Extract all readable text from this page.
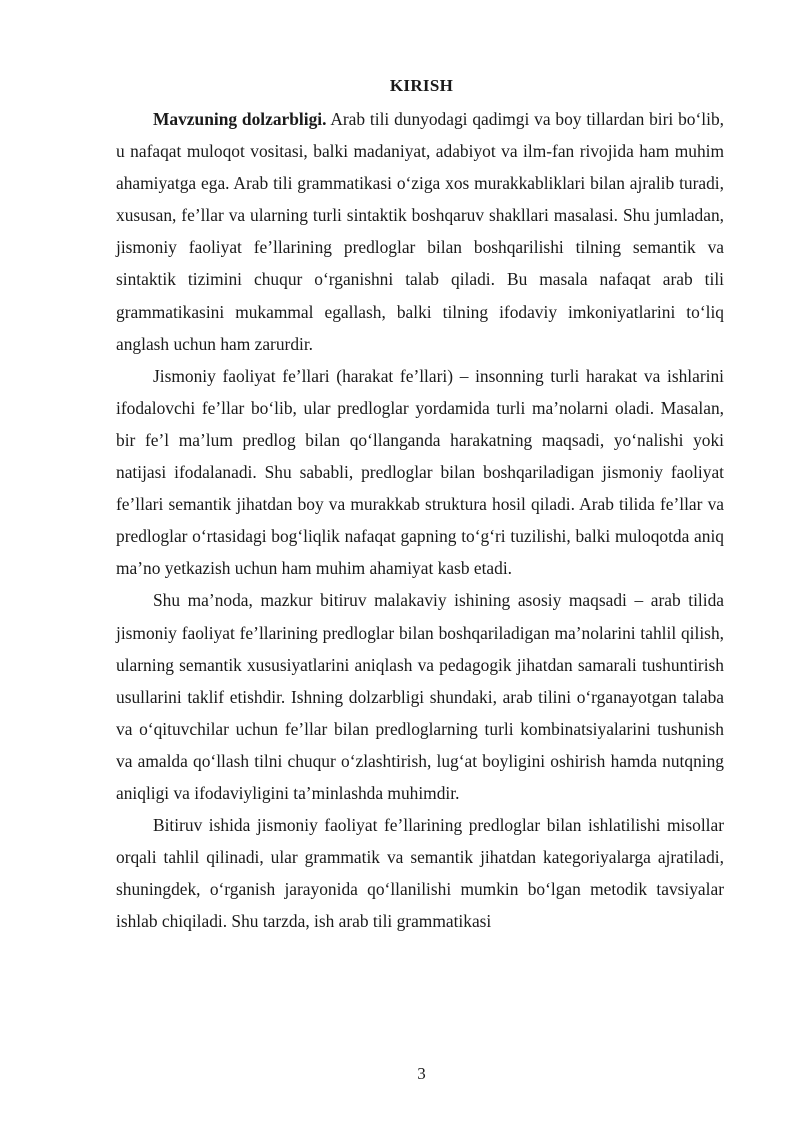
KIRISH

Mavzuning dolzarbligi. Arab tili dunyodagi qadimgi va boy tillardan biri bo‘lib, u nafaqat muloqot vositasi, balki madaniyat, adabiyot va ilm-fan rivojida ham muhim ahamiyatga ega. Arab tili grammatikasi o‘ziga xos murakkabliklari bilan ajralib turadi, xususan, fe’llar va ularning turli sintaktik boshqaruv shakllari masalasi. Shu jumladan, jismoniy faoliyat fe’llarining predloglar bilan boshqarilishi tilning semantik va sintaktik tizimini chuqur o‘rganishni talab qiladi. Bu masala nafaqat arab tili grammatikasini mukammal egallash, balki tilning ifodaviy imkoniyatlarini to‘liq anglash uchun ham zarurdir.

Jismoniy faoliyat fe’llari (harakat fe’llari) – insonning turli harakat va ishlarini ifodalovchi fe’llar bo‘lib, ular predloglar yordamida turli ma’nolarni oladi. Masalan, bir fe’l ma’lum predlog bilan qo‘llanganda harakatning maqsadi, yo‘nalishi yoki natijasi ifodalanadi. Shu sababli, predloglar bilan boshqariladigan jismoniy faoliyat fe’llari semantik jihatdan boy va murakkab struktura hosil qiladi. Arab tilida fe’llar va predloglar o‘rtasidagi bog‘liqlik nafaqat gapning to‘g‘ri tuzilishi, balki muloqotda aniq ma’no yetkazish uchun ham muhim ahamiyat kasb etadi.

Shu ma’noda, mazkur bitiruv malakaviy ishining asosiy maqsadi – arab tilida jismoniy faoliyat fe’llarining predloglar bilan boshqariladigan ma’nolarini tahlil qilish, ularning semantik xususiyatlarini aniqlash va pedagogik jihatdan samarali tushuntirish usullarini taklif etishdir. Ishning dolzarbligi shundaki, arab tilini o‘rganayotgan talaba va o‘qituvchilar uchun fe’llar bilan predloglarning turli kombinatsiyalarini tushunish va amalda qo‘llash tilni chuqur o‘zlashtirish, lug‘at boyligini oshirish hamda nutqning aniqligi va ifodaviyligini ta’minlashda muhimdir.

Bitiruv ishida jismoniy faoliyat fe’llarining predloglar bilan ishlatilishi misollar orqali tahlil qilinadi, ular grammatik va semantik jihatdan kategoriyalarga ajratiladi, shuningdek, o‘rganish jarayonida qo‘llanilishi mumkin bo‘lgan metodik tavsiyalar ishlab chiqiladi. Shu tarzda, ish arab tili grammatikasi

3
